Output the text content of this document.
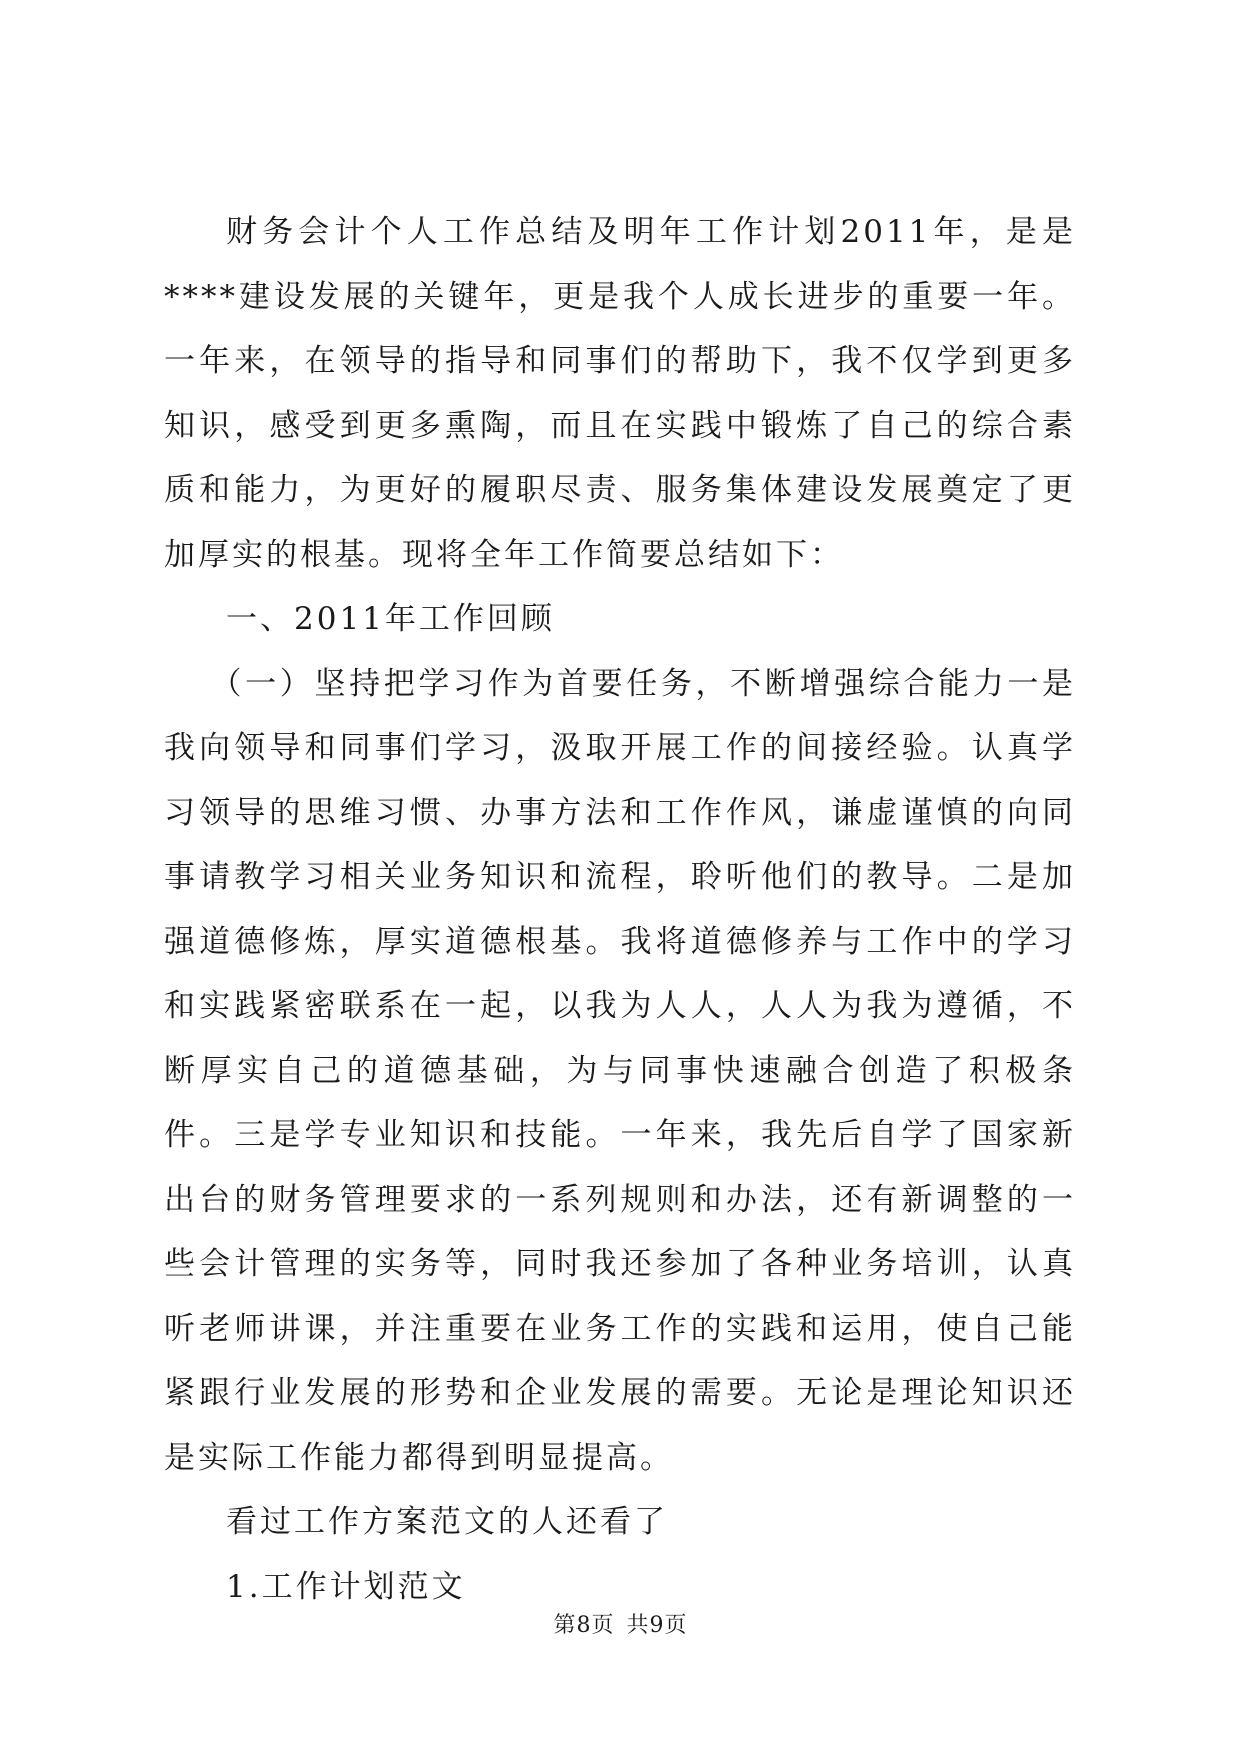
财务会计个人工作总结及明年工作计划2011年，是是****建设发展的关键年，更是我个人成长进步的重要一年。一年来，在领导的指导和同事们的帮助下，我不仅学到更多知识，感受到更多熏陶，而且在实践中锻炼了自己的综合素质和能力，为更好的履职尽责、服务集体建设发展奠定了更加厚实的根基。现将全年工作简要总结如下：

一、2011年工作回顾

（一）坚持把学习作为首要任务，不断增强综合能力一是我向领导和同事们学习，汲取开展工作的间接经验。认真学习领导的思维习惯、办事方法和工作作风，谦虚谨慎的向同事请教学习相关业务知识和流程，聆听他们的教导。二是加强道德修炼，厚实道德根基。我将道德修养与工作中的学习和实践紧密联系在一起，以我为人人，人人为我为遵循，不断厚实自己的道德基础，为与同事快速融合创造了积极条件。三是学专业知识和技能。一年来，我先后自学了国家新出台的财务管理要求的一系列规则和办法，还有新调整的一些会计管理的实务等，同时我还参加了各种业务培训，认真听老师讲课，并注重要在业务工作的实践和运用，使自己能紧跟行业发展的形势和企业发展的需要。无论是理论知识还是实际工作能力都得到明显提高。

看过工作方案范文的人还看了

1.工作计划范文

第8页 共9页
